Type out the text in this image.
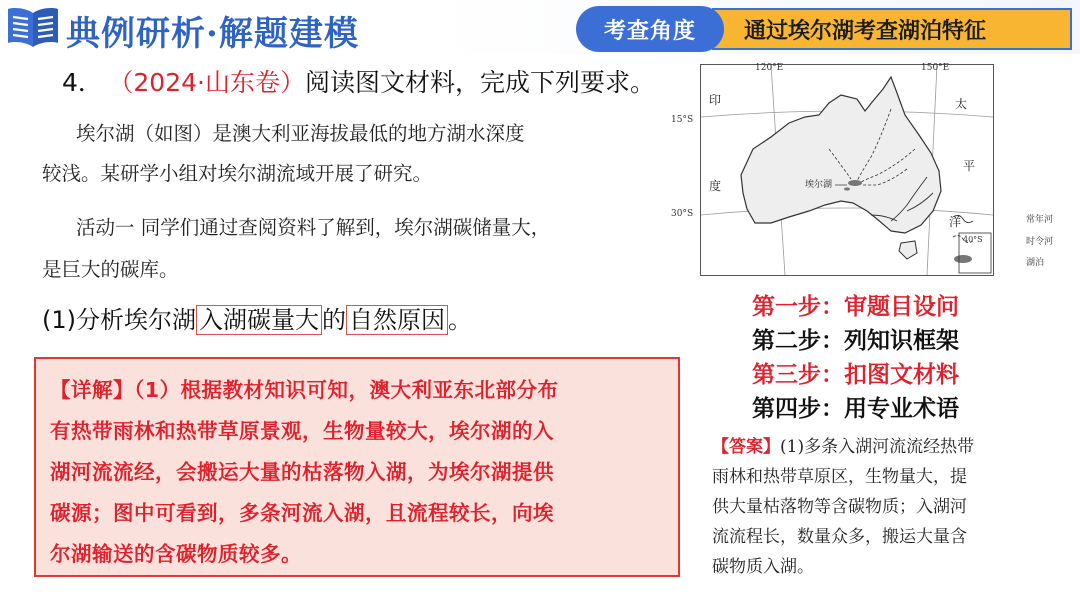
典例研析·解题建模	考查角度	通过埃尔湖考查湖泊特征
4． （2024·山东卷）阅读图文材料，完成下列要求。
埃尔湖（如图）是澳大利亚海拔最低的地方湖水深度
较浅。某研学小组对埃尔湖流域开展了研究。
活动一 同学们通过查阅资料了解到，埃尔湖碳储量大，
是巨大的碳库。
(1)分析埃尔湖 入湖碳量大 的 自然原因 。
【详解】（1）根据教材知识可知，澳大利亚东北部分布
有热带雨林和热带草原景观，生物量较大，埃尔湖的入
湖河流流经，会搬运大量的枯落物入湖，为埃尔湖提供
碳源；图中可看到，多条河流入湖，且流程较长，向埃
尔湖输送的含碳物质较多。
120°E	150°E
15°S
30°S
40°S
埃尔湖
印
度
太
平
洋	常年河
时令河
湖泊
第一步：审题目设问
第二步：列知识框架
第三步：扣图文材料
第四步：用专业术语
【答案】(1)多条入湖河流流经热带
雨林和热带草原区，生物量大，提
供大量枯落物等含碳物质；入湖河
流流程长，数量众多，搬运大量含
碳物质入湖。
